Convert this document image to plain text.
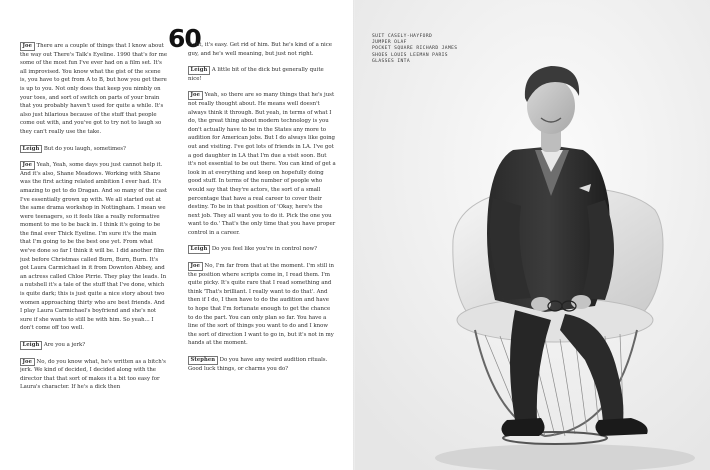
60

Joe There are a couple of things that I know about the way out There's Talk's Eyeline. 1990 that's for me some of the most fun I've ever had on a film set. It's all improvised. You know what the gist of the scene is, you have to get from A to B, but how you get there is up to you. Not only does that keep you nimbly on your toes, and sort of switch on parts of your brain that you probably haven't used for quite a while. It's also just hilarious because of the stuff that people come out with, and you've got to try not to laugh so they can't really use the take.

Leigh But do you laugh, sometimes?

Joe Yeah, Yeah, some days you just cannot help it. And it's also, Shane Meadows. Working with Shane was the first acting related ambition I ever had. It's amazing to get to do Dragan. And so many of the cast I've essentially grown up with. We all started out at the same drama workshop in Nottingham. I mean we were teenagers, so it feels like a really reformative moment to me to be back in. I think it's going to be the final ever Thick Eyeline. I'm sure it's the main that I'm going to be the best one yet. From what we've done so far I think it will be. I did another film just before Christmas called Burn, Burn, Burn. It's got Laura Carmichael in it from Downton Abbey, and an actress called Chloe Pirrie. They play the leads. In a nutshell it's a tale of the stuff that I've done, which is quite dark; this is just quite a nice story about two women approaching thirty who are best friends. And I play Laura Carmichael's boyfriend and she's not sure if she wants to still be with him. So yeah... I don't come off too well.

Leigh Are you a jerk?

Joe No, do you know what, he's written as a bitch's jerk. We kind of decided, I decided along with the director that that sort of makes it a bit too easy for Laura's character. If he's a dick then

right, it's easy. Get rid of him. But he's kind of a nice guy, and he's well meaning, but just not right.

Leigh A little bit of the dick but generally quite nice!

Joe Yeah, so there are so many things that he's just not really thought about. He means well doesn't always think it through. But yeah, in terms of what I do, the great thing about modern technology is you don't actually have to be in the States any more to audition for American jobs. But I do always like going out and visiting. I've got lots of friends in LA. I've got a god daughter in LA that I'm due a visit soon. But it's not essential to be out there. You can kind of get a look in at everything and keep on hopefully doing good stuff. In terms of the number of people who would say that they're actors, the sort of a small percentage that have a real career to cover their destiny. To be in that position of 'Okay, here's the next job. They all want you to do it. Pick the one you want to do.' That's the only time that you have proper control in a career.

Leigh Do you feel like you're in control now?

Joe No, I'm far from that at the moment. I'm still in the position where scripts come in, I read them. I'm quite picky. It's quite rare that I read something and think 'That's brilliant. I really want to do that'. And then if I do, I then have to do the audition and have to hope that I'm fortunate enough to get the chance to do the part. You can only plan so far. You have a line of the sort of things you want to do and I know the sort of direction I want to go in, but it's not in my hands at the moment.

Stephen Do you have any weird audition rituals. Good luck things, or charms you do?

SUIT CASELY-HAYFORD
JUMPER OLAF
POCKET SQUARE RICHARD JAMES
SHOES LOUIS LEEMAN PARIS
GLASSES INTA
